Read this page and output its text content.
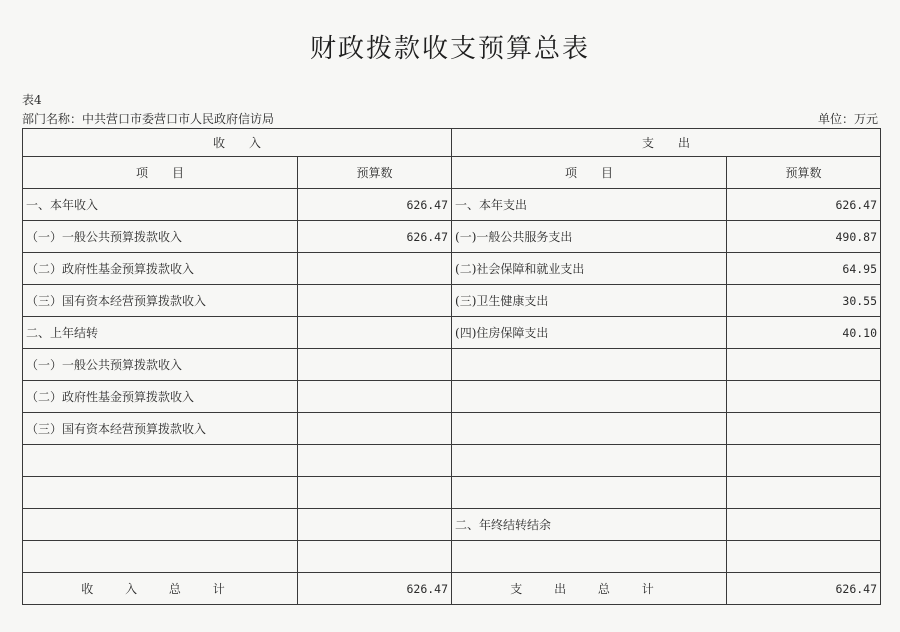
财政拨款收支预算总表
表4
部门名称：中共营口市委营口市人民政府信访局	单位：万元
收　　入		支　　出	
项　　目	预算数	项　　目	预算数
一、本年收入	626.47	一、本年支出	626.47
（一）一般公共预算拨款收入	626.47	(一)一般公共服务支出	490.87
（二）政府性基金预算拨款收入		(二)社会保障和就业支出	64.95
（三）国有资本经营预算拨款收入		(三)卫生健康支出	30.55
二、上年结转		(四)住房保障支出	40.10
（一）一般公共预算拨款收入			
（二）政府性基金预算拨款收入			
（三）国有资本经营预算拨款收入			

		二、年终结转结余	

收 入 总 计	626.47	支 出 总 计	626.47
